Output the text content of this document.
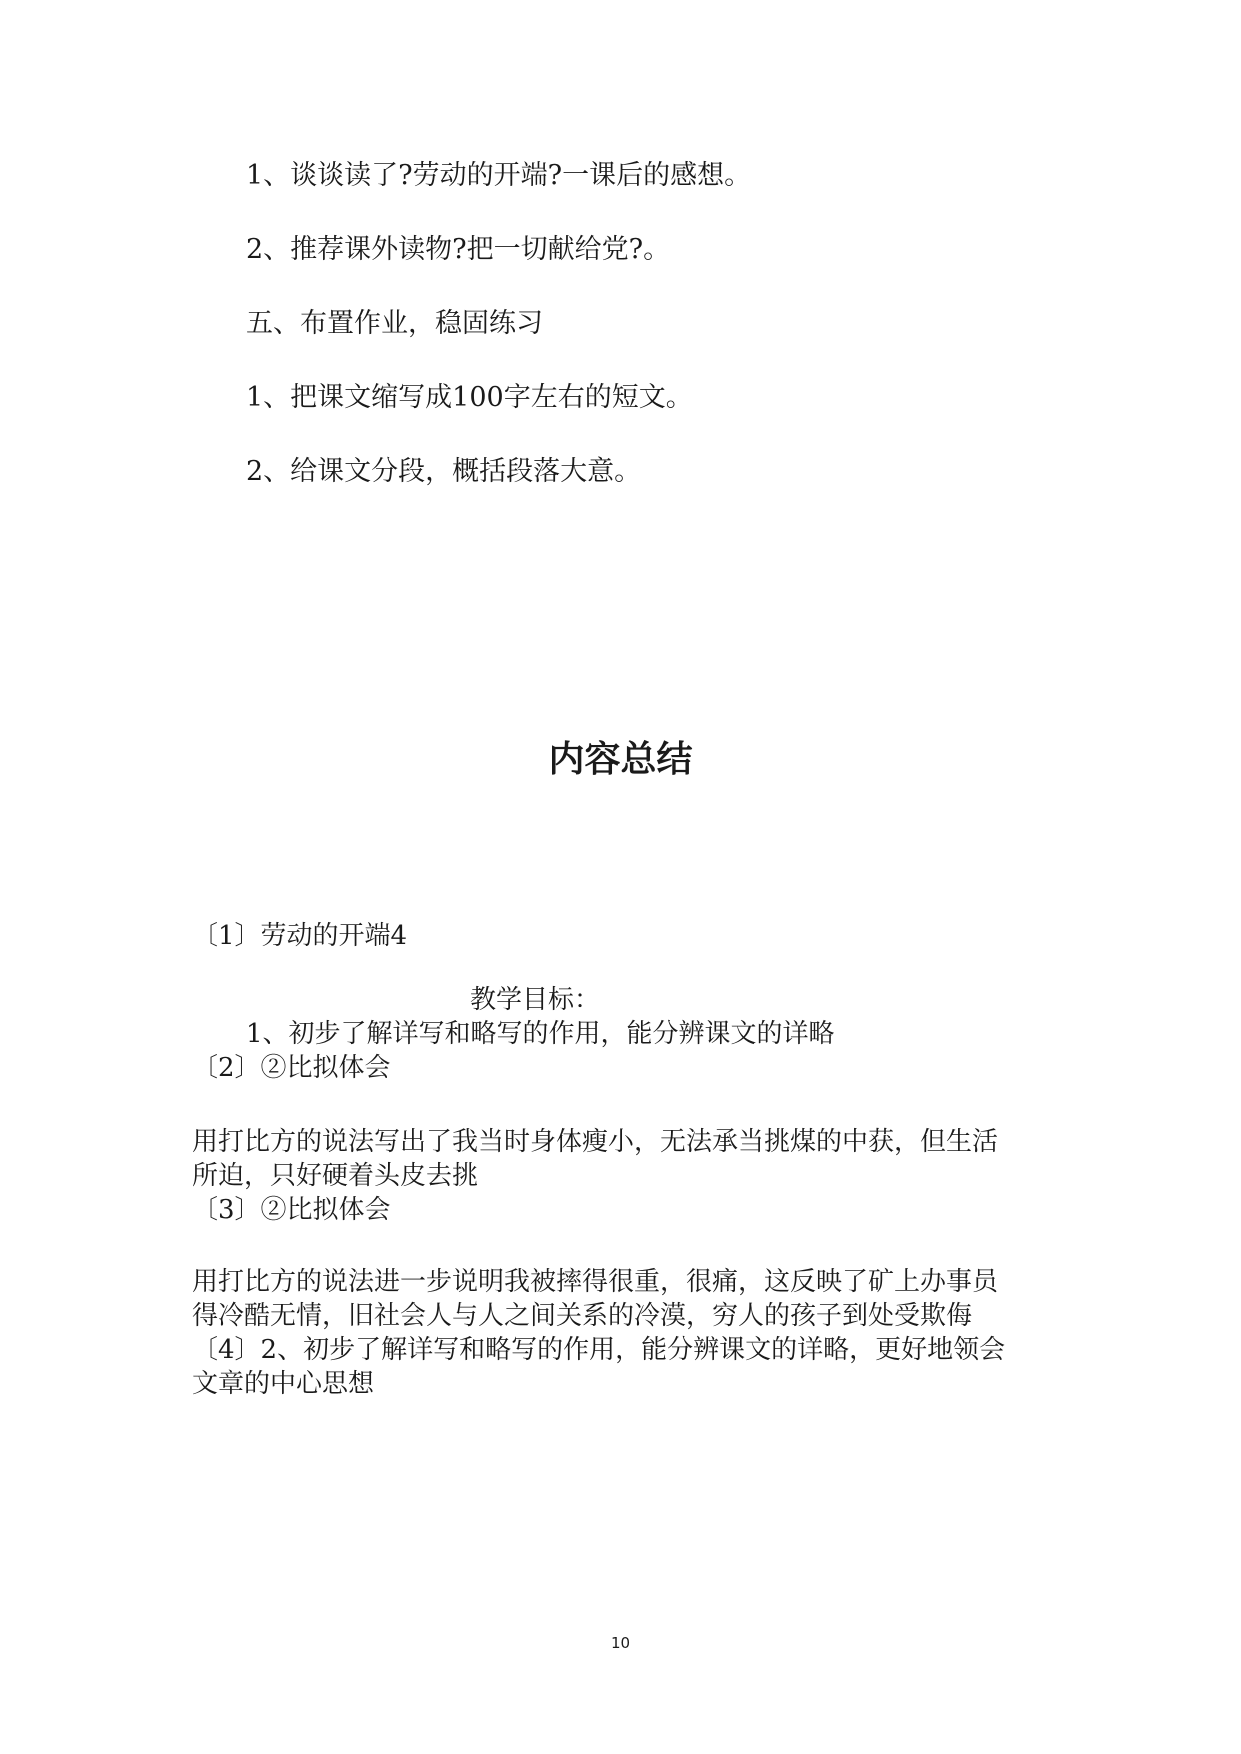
1、谈谈读了?劳动的开端?一课后的感想。
2、推荐课外读物?把一切献给党?。
五、布置作业，稳固练习
1、把课文缩写成100字左右的短文。
2、给课文分段，概括段落大意。
内容总结
〔1〕劳动的开端4
教学目标：
1、初步了解详写和略写的作用，能分辨课文的详略
〔2〕②比拟体会
用打比方的说法写出了我当时身体瘦小，无法承当挑煤的中获，但生活
所迫，只好硬着头皮去挑
〔3〕②比拟体会
用打比方的说法进一步说明我被摔得很重，很痛，这反映了矿上办事员
得冷酷无情，旧社会人与人之间关系的冷漠，穷人的孩子到处受欺侮
〔4〕2、初步了解详写和略写的作用，能分辨课文的详略，更好地领会
文章的中心思想
10
